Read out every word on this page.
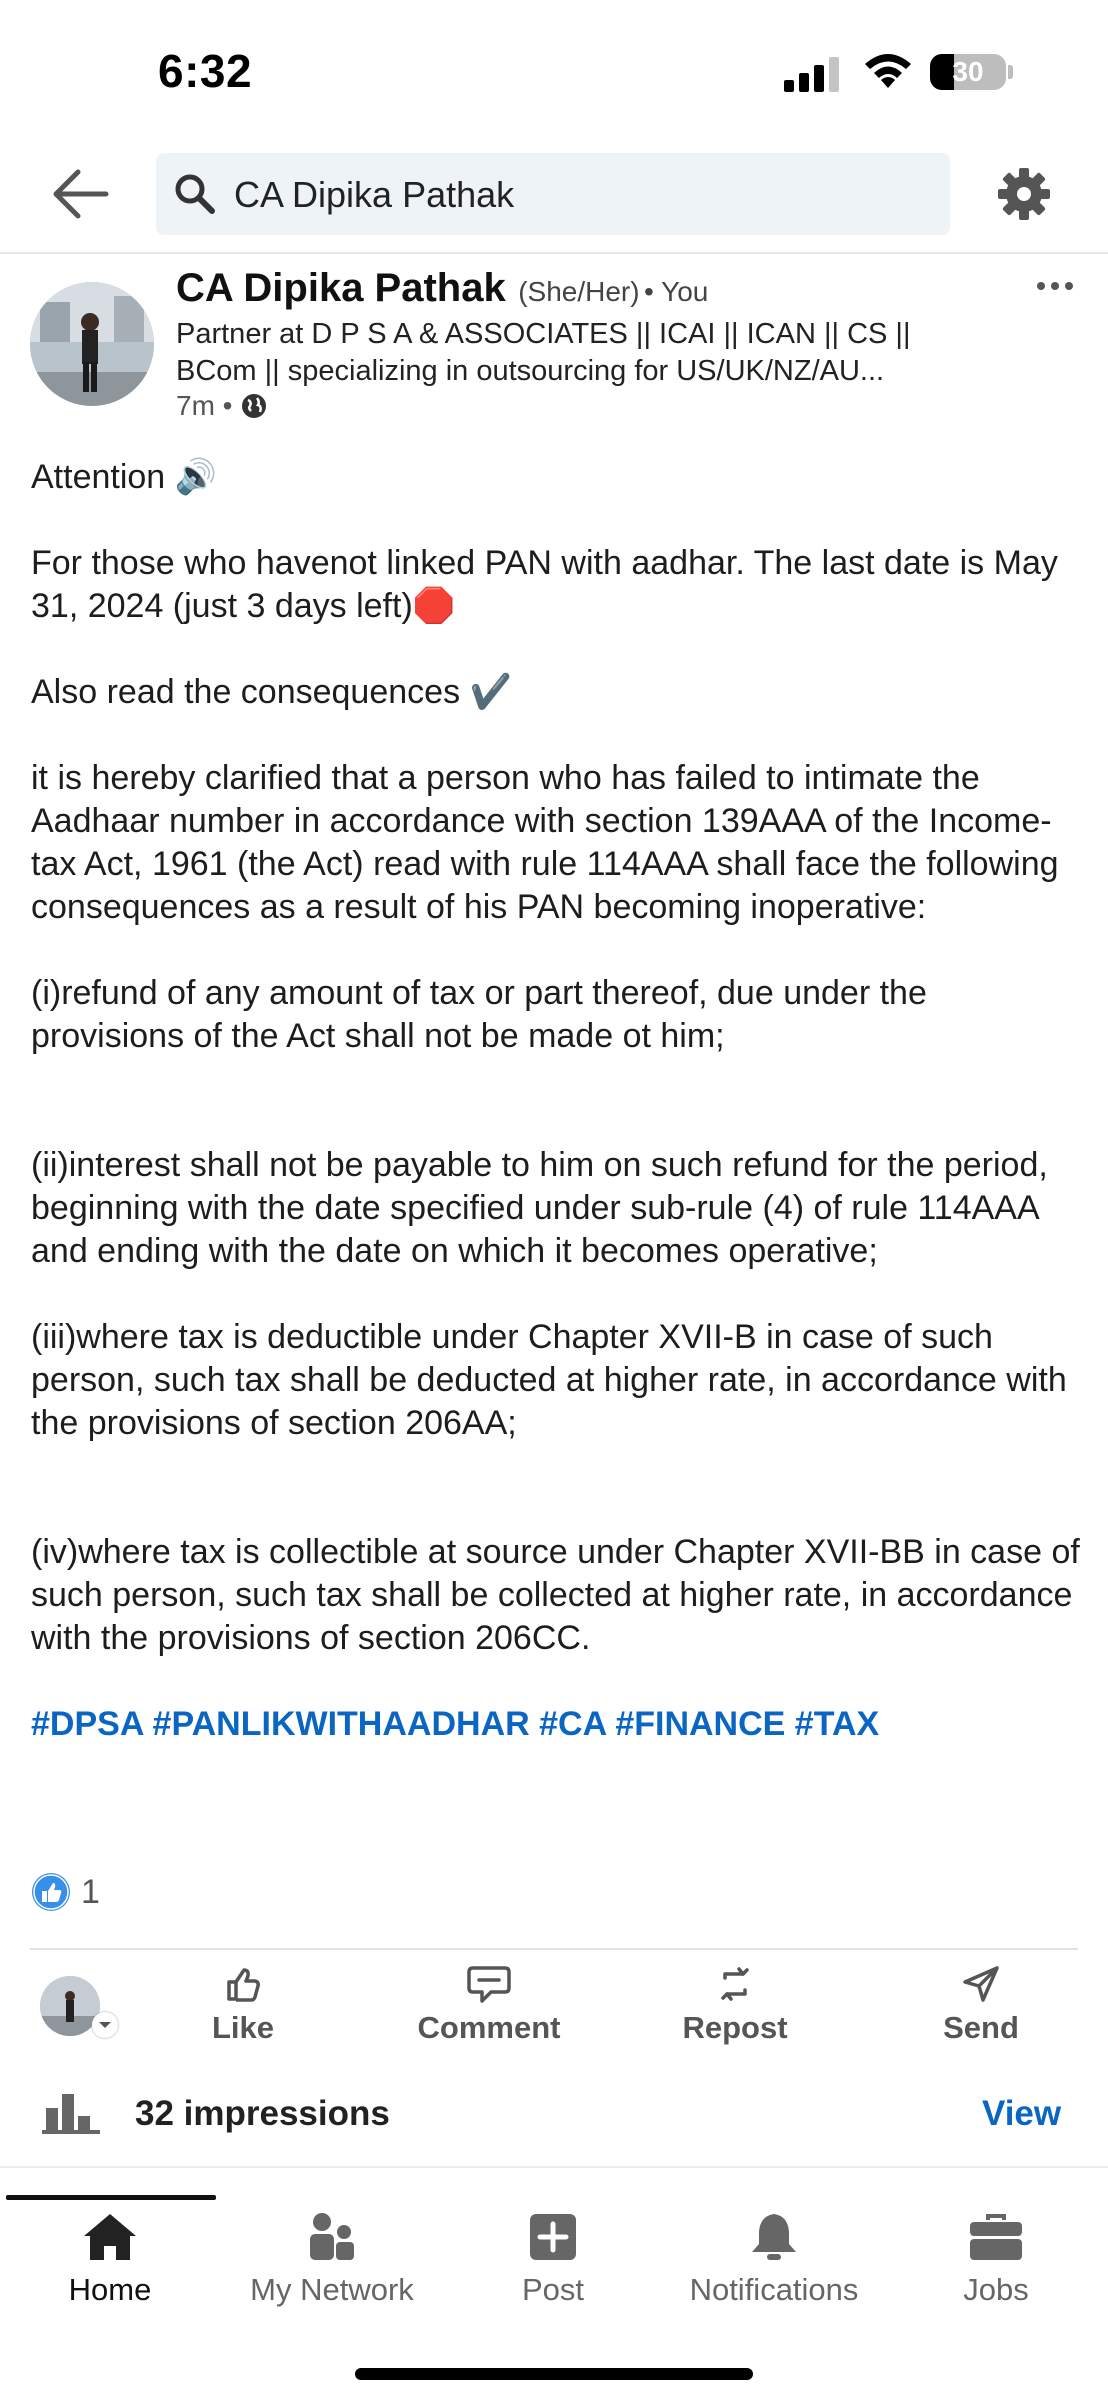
6:32	30
CA Dipika Pathak
CA Dipika Pathak (She/Her) • You
Partner at D P S A & ASSOCIATES || ICAI || ICAN || CS || BCom || specializing in outsourcing for US/UK/NZ/AU...
7m •

Attention 🔊

For those who havenot linked PAN with aadhar. The last date is May 31, 2024 (just 3 days left)🛑

Also read the consequences ✔️

it is hereby clarified that a person who has failed to intimate the Aadhaar number in accordance with section 139AAA of the Income-tax Act, 1961 (the Act) read with rule 114AAA shall face the following consequences as a result of his PAN becoming inoperative:

(i)refund of any amount of tax or part thereof, due under the provisions of the Act shall not be made ot him;

(ii)interest shall not be payable to him on such refund for the period, beginning with the date specified under sub-rule (4) of rule 114AAA and ending with the date on which it becomes operative;

(iii)where tax is deductible under Chapter XVII-B in case of such person, such tax shall be deducted at higher rate, in accordance with the provisions of section 206AA;

(iv)where tax is collectible at source under Chapter XVII-BB in case of such person, such tax shall be collected at higher rate, in accordance with the provisions of section 206CC.

#DPSA #PANLIKWITHAADHAR #CA #FINANCE #TAX

1
Like	Comment	Repost	Send
32 impressions	View
Home	My Network	Post	Notifications	Jobs
